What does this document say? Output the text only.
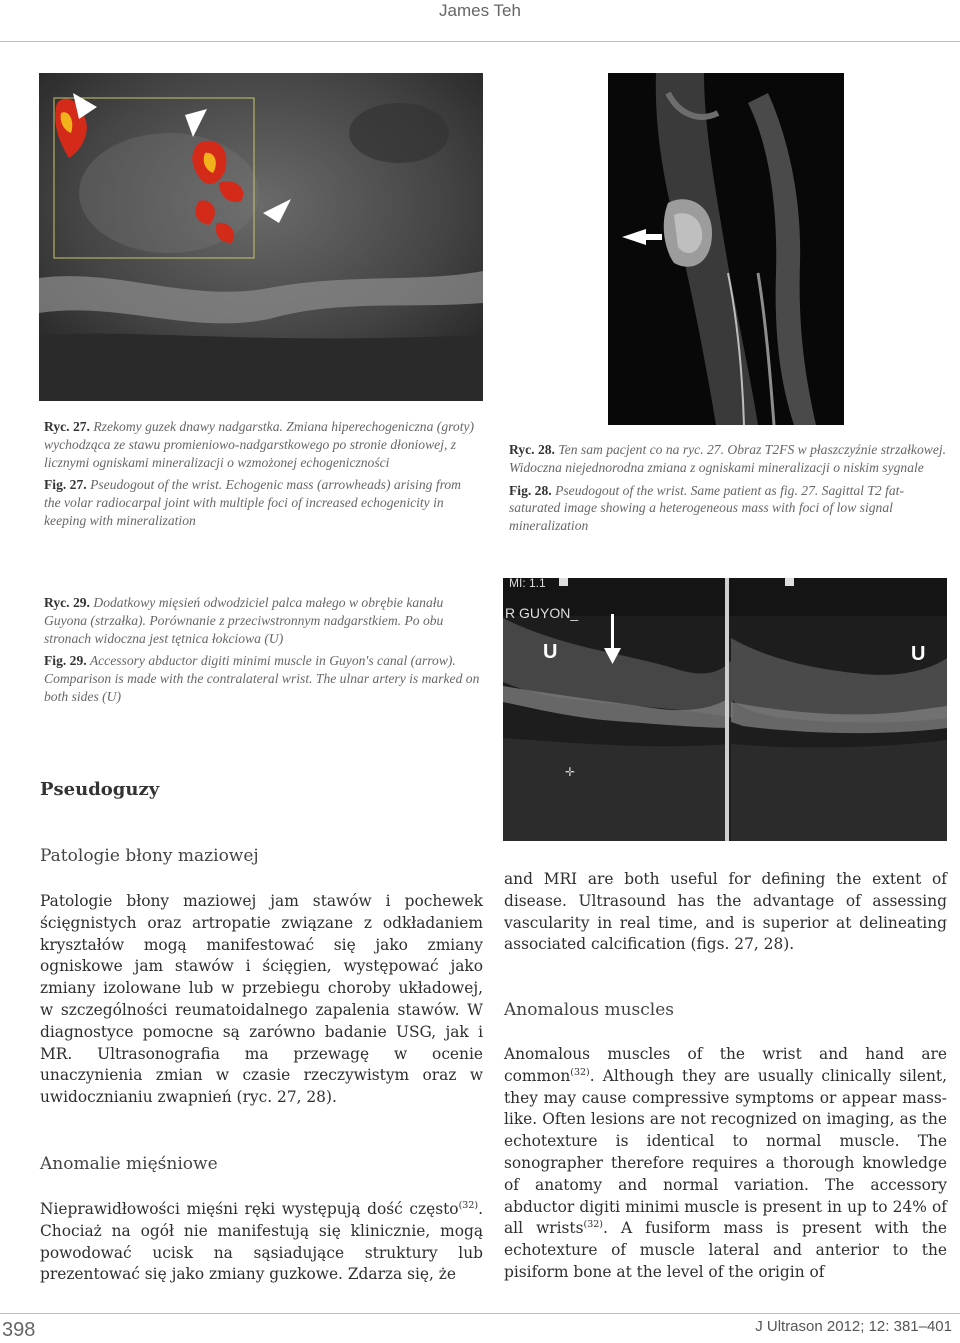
James Teh

Ryc. 27. Rzekomy guzek dnawy nadgarstka. Zmiana hiperechogeniczna (groty) wychodząca ze stawu promieniowo-nadgarstkowego po stronie dłoniowej, z licznymi ogniskami mineralizacji o wzmożonej echogeniczności

Fig. 27. Pseudogout of the wrist. Echogenic mass (arrowheads) arising from the volar radiocarpal joint with multiple foci of increased echogenicity in keeping with mineralization

Ryc. 28. Ten sam pacjent co na ryc. 27. Obraz T2FS w płaszczyźnie strzałkowej. Widoczna niejednorodna zmiana z ogniskami mineralizacji o niskim sygnale

Fig. 28. Pseudogout of the wrist. Same patient as fig. 27. Sagittal T2 fat-saturated image showing a heterogeneous mass with foci of low signal mineralization

Ryc. 29. Dodatkowy mięsień odwodziciel palca małego w obrębie kanału Guyona (strzałka). Porównanie z przeciwstronnym nadgarstkiem. Po obu stronach widoczna jest tętnica łokciowa (U)

Fig. 29. Accessory abductor digiti minimi muscle in Guyon's canal (arrow). Comparison is made with the contralateral wrist. The ulnar artery is marked on both sides (U)

MI: 1.1
R GUYON_
U	U
✛
Pseudoguzy
Patologie błony maziowej

Patologie błony maziowej jam stawów i pochewek ścięgnistych oraz artropatie związane z odkładaniem kryształów mogą manifestować się jako zmiany ogniskowe jam stawów i ścięgien, występować jako zmiany izolowane lub w przebiegu choroby układowej, w szczególności reumatoidalnego zapalenia stawów. W diagnostyce pomocne są zarówno badanie USG, jak i MR. Ultrasonografia ma przewagę w ocenie unaczynienia zmian w czasie rzeczywistym oraz w uwidocznianiu zwapnień (ryc. 27, 28).

Anomalie mięśniowe

Nieprawidłowości mięśni ręki występują dość często$^{(32)}$. Chociaż na ogół nie manifestują się klinicznie, mogą powodować ucisk na sąsiadujące struktury lub prezentować się jako zmiany guzkowe. Zdarza się, że

and MRI are both useful for defining the extent of disease. Ultrasound has the advantage of assessing vascularity in real time, and is superior at delineating associated calcification (figs. 27, 28).

Anomalous muscles

Anomalous muscles of the wrist and hand are common$^{(32)}$. Although they are usually clinically silent, they may cause compressive symptoms or appear mass-like. Often lesions are not recognized on imaging, as the echotexture is identical to normal muscle. The sonographer therefore requires a thorough knowledge of anatomy and normal variation. The accessory abductor digiti minimi muscle is present in up to 24% of all wrists$^{(32)}$. A fusiform mass is present with the echotexture of muscle lateral and anterior to the pisiform bone at the level of the origin of

398	J Ultrason 2012; 12: 381–401
